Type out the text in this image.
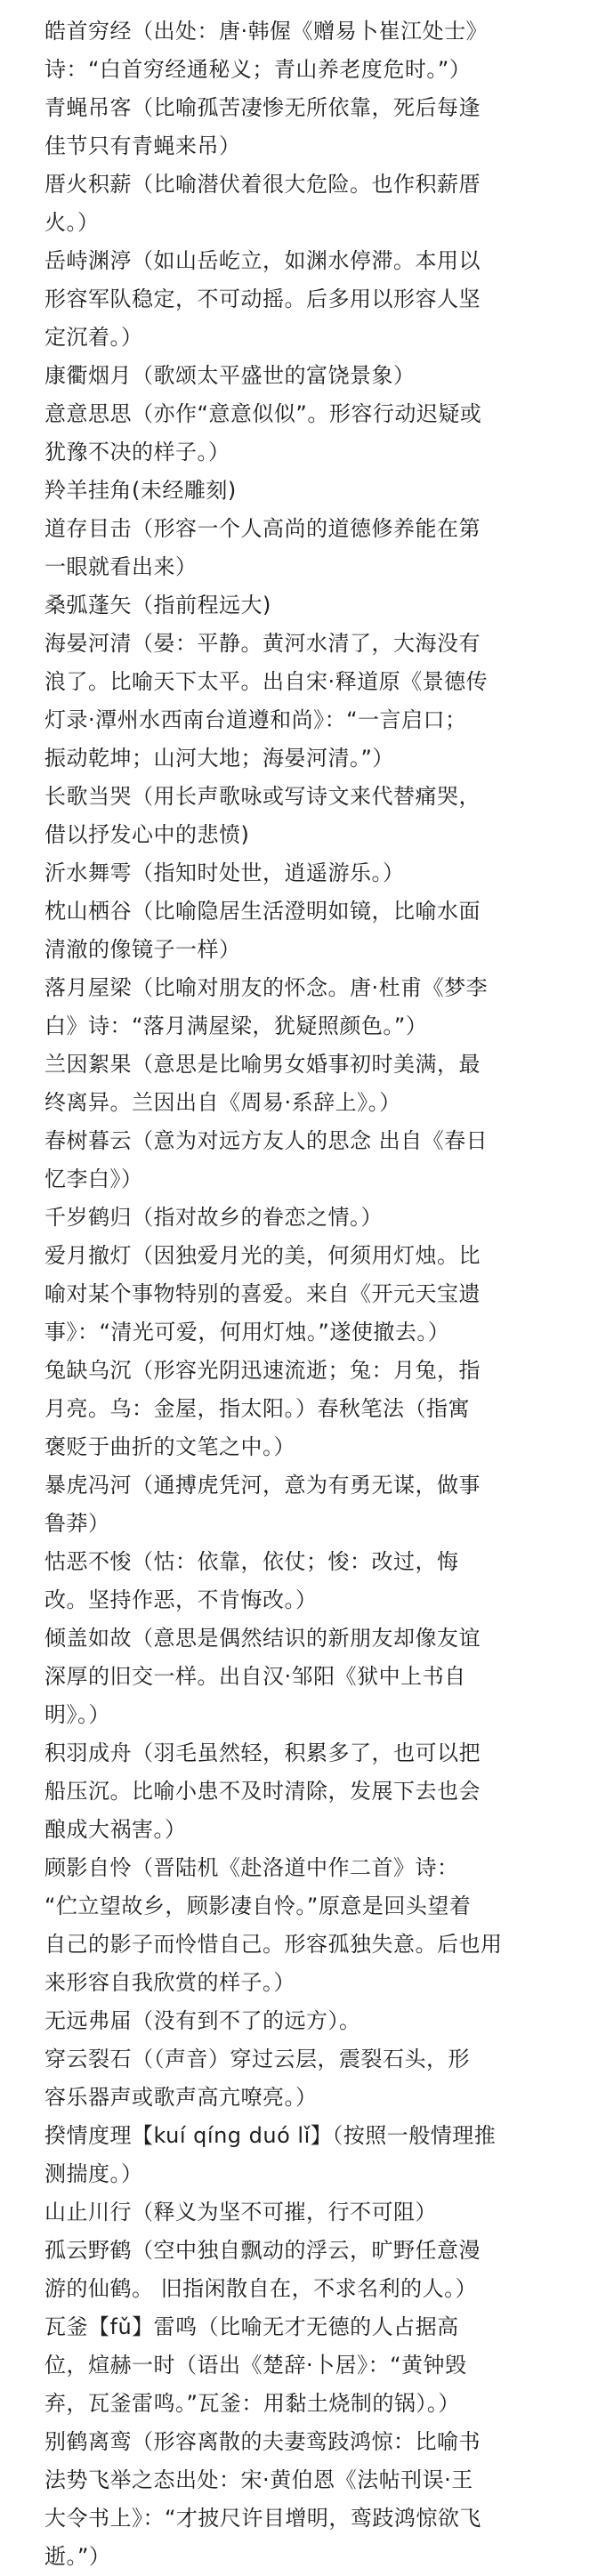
皓首穷经（出处：唐·韩偓《赠易卜崔江处士》
诗：“白首穷经通秘义；青山养老度危时。”）
青蝇吊客（比喻孤苦凄惨无所依靠，死后每逢
佳节只有青蝇来吊）
厝火积薪（比喻潜伏着很大危险。也作积薪厝
火。）
岳峙渊渟（如山岳屹立，如渊水停滞。本用以
形容军队稳定，不可动摇。后多用以形容人坚
定沉着。）
康衢烟月（歌颂太平盛世的富饶景象）
意意思思（亦作“意意似似”。形容行动迟疑或
犹豫不决的样子。）
羚羊挂角(未经雕刻)
道存目击（形容一个人高尚的道德修养能在第
一眼就看出来）
桑弧蓬矢（指前程远大)
海晏河清（晏：平静。黄河水清了，大海没有
浪了。比喻天下太平。出自宋·释道原《景德传
灯录·潭州水西南台道遵和尚》：“一言启口；
振动乾坤；山河大地；海晏河清。”）
长歌当哭（用长声歌咏或写诗文来代替痛哭，
借以抒发心中的悲愤)
沂水舞雩（指知时处世，逍遥游乐。）
枕山栖谷（比喻隐居生活澄明如镜，比喻水面
清澈的像镜子一样）
落月屋梁（比喻对朋友的怀念。唐·杜甫《梦李
白》诗：“落月满屋梁，犹疑照颜色。”）
兰因絮果（意思是比喻男女婚事初时美满，最
终离异。兰因出自《周易·系辞上》。）
春树暮云（意为对远方友人的思念 出自《春日
忆李白》）
千岁鹤归（指对故乡的眷恋之情。）
爱月撤灯（因独爱月光的美，何须用灯烛。比
喻对某个事物特别的喜爱。来自《开元天宝遗
事》：“清光可爱，何用灯烛。”遂使撤去。）
兔缺乌沉（形容光阴迅速流逝；兔：月兔，指
月亮。乌：金屋，指太阳。）春秋笔法（指寓
褒贬于曲折的文笔之中。）
暴虎冯河（通搏虎凭河，意为有勇无谋，做事
鲁莽）
怙恶不悛（怙：依靠，依仗；悛：改过，悔
改。坚持作恶，不肯悔改。）
倾盖如故（意思是偶然结识的新朋友却像友谊
深厚的旧交一样。出自汉·邹阳《狱中上书自
明》。）
积羽成舟（羽毛虽然轻，积累多了，也可以把
船压沉。比喻小患不及时清除，发展下去也会
酿成大祸害。）
顾影自怜（晋陆机《赴洛道中作二首》诗：
“伫立望故乡，顾影凄自怜。”原意是回头望着
自己的影子而怜惜自己。形容孤独失意。后也用
来形容自我欣赏的样子。）
无远弗届（没有到不了的远方）。
穿云裂石（（声音）穿过云层，震裂石头，形
容乐器声或歌声高亢嘹亮。）
揆情度理【kuí qíng duó lǐ】（按照一般情理推
测揣度。）
山止川行（释义为坚不可摧，行不可阻）
孤云野鹤（空中独自飘动的浮云，旷野任意漫
游的仙鹤。 旧指闲散自在，不求名利的人。）
瓦釜【fǔ】雷鸣（比喻无才无德的人占据高
位，煊赫一时（语出《楚辞·卜居》：“黄钟毁
弃，瓦釜雷鸣。”瓦釜：用黏土烧制的锅）。）
别鹤离鸾（形容离散的夫妻鸾跂鸿惊：比喻书
法势飞举之态出处：宋·黄伯恩《法帖刊误·王
大令书上》：“才披尺许目增明，鸾跂鸿惊欲飞
逝。”）
